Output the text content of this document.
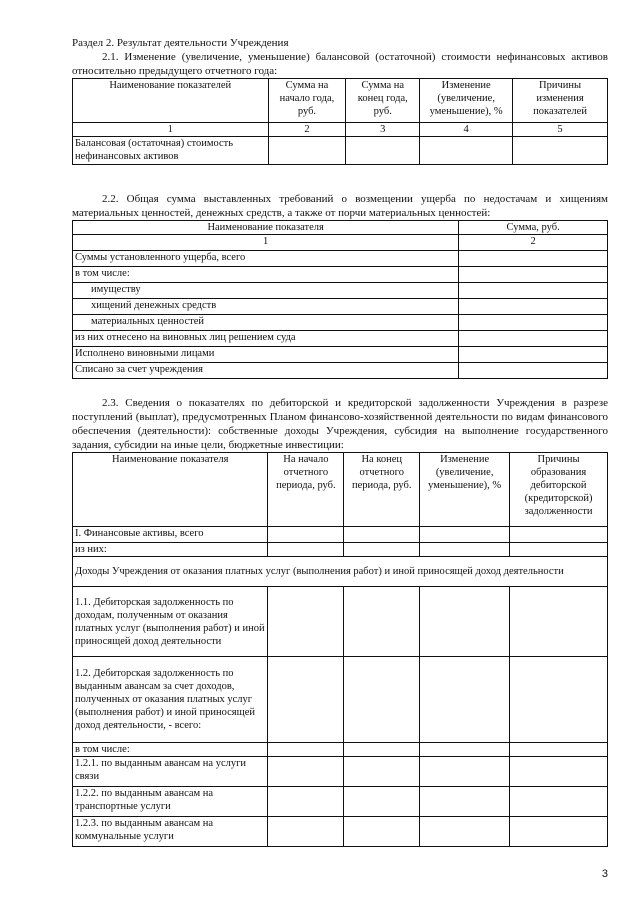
Раздел 2. Результат деятельности Учреждения
2.1. Изменение (увеличение, уменьшение) балансовой (остаточной) стоимости нефинансовых активов относительно предыдущего отчетного года:
Наименование показателей	Сумма на начало года, руб.	Сумма на конец года, руб.	Изменение (увеличение, уменьшение), %	Причины изменения показателей
1	2	3	4	5
Балансовая (остаточная) стоимость нефинансовых активов				
2.2. Общая сумма выставленных требований о возмещении ущерба по недостачам и хищениям материальных ценностей, денежных средств, а также от порчи материальных ценностей:
Наименование показателя	Сумма, руб.
1	2
Суммы установленного ущерба, всего	
в том числе:	
имуществу	
хищений денежных средств	
материальных ценностей	
из них отнесено на виновных лиц решением суда	
Исполнено виновными лицами	
Списано за счет учреждения	
2.3. Сведения о показателях по дебиторской и кредиторской задолженности Учреждения в разрезе поступлений (выплат), предусмотренных Планом финансово-хозяйственной деятельности по видам финансового обеспечения (деятельности): собственные доходы Учреждения, субсидия на выполнение государственного задания, субсидии на иные цели, бюджетные инвестиции:
Наименование показателя	На начало отчетного периода, руб.	На конец отчетного периода, руб.	Изменение (увеличение, уменьшение), %	Причины образования дебиторской (кредиторской) задолженности
I. Финансовые активы, всего				
из них:				
Доходы Учреждения от оказания платных услуг (выполнения работ) и иной приносящей доход деятельности				
1.1. Дебиторская задолженность по доходам, полученным от оказания платных услуг (выполнения работ) и иной приносящей доход деятельности				
1.2. Дебиторская задолженность по выданным авансам за счет доходов, полученных от оказания платных услуг (выполнения работ) и иной приносящей доход деятельности, - всего:				
в том числе:				
1.2.1. по выданным авансам на услуги связи				
1.2.2. по выданным авансам на транспортные услуги				
1.2.3. по выданным авансам на коммунальные услуги				
3
